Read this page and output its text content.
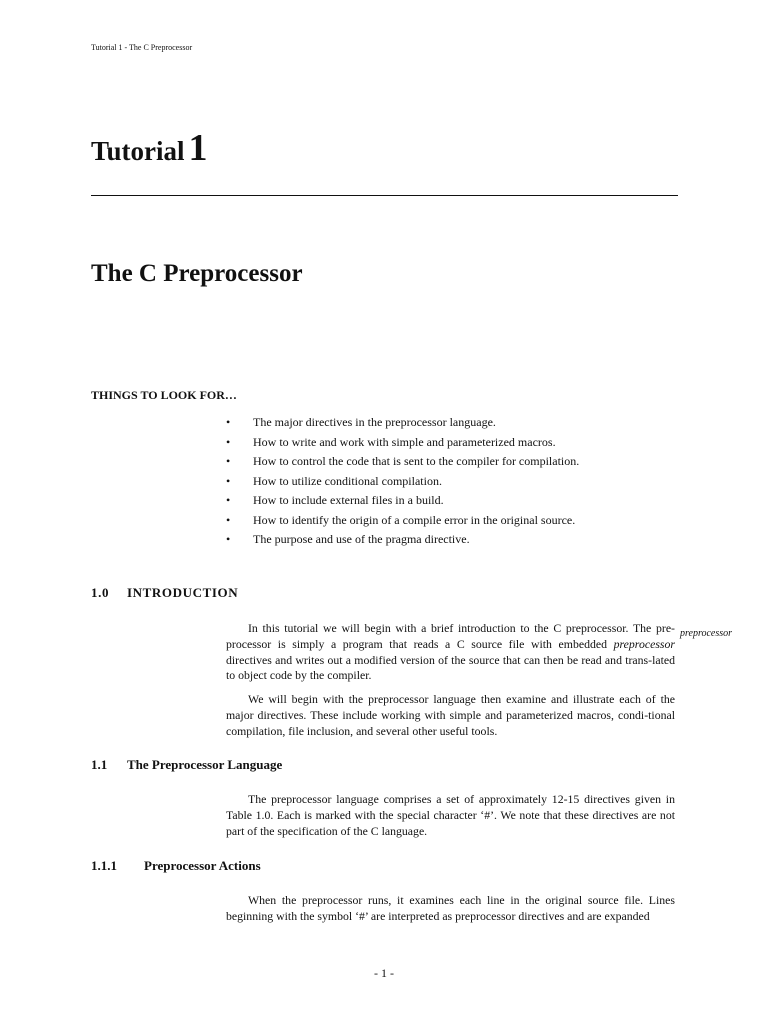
Tutorial 1 - The C Preprocessor
Tutorial 1
The C Preprocessor
THINGS TO LOOK FOR…
• The major directives in the preprocessor language.
• How to write and work with simple and parameterized macros.
• How to control the code that is sent to the compiler for compilation.
• How to utilize conditional compilation.
• How to include external files in a build.
• How to identify the origin of a compile error in the original source.
• The purpose and use of the pragma directive.
1.0 INTRODUCTION

In this tutorial we will begin with a brief introduction to the C preprocessor. The pre-processor is simply a program that reads a C source file with embedded preprocessor directives and writes out a modified version of the source that can then be read and trans-lated to object code by the compiler.

preprocessor

We will begin with the preprocessor language then examine and illustrate each of the major directives. These include working with simple and parameterized macros, condi-tional compilation, file inclusion, and several other useful tools.

1.1 The Preprocessor Language

The preprocessor language comprises a set of approximately 12-15 directives given in Table 1.0. Each is marked with the special character ‘#’. We note that these directives are not part of the specification of the C language.

1.1.1 Preprocessor Actions

When the preprocessor runs, it examines each line in the original source file. Lines beginning with the symbol ‘#’ are interpreted as preprocessor directives and are expanded

- 1 -
